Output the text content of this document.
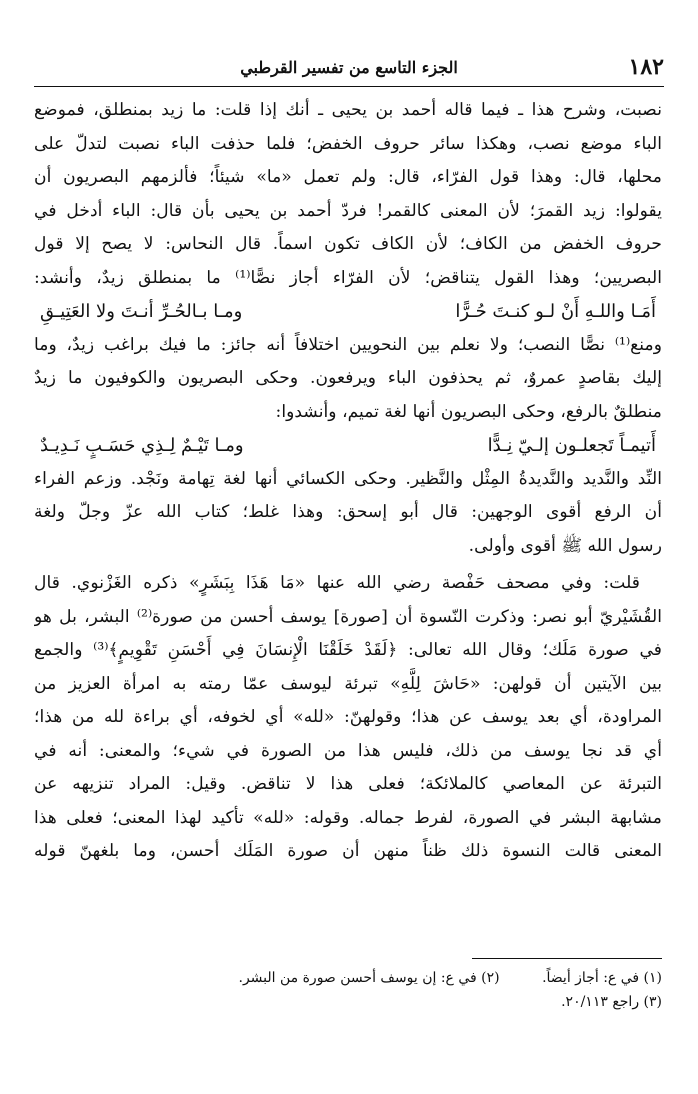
١٨٢
الجزء التاسع من تفسير القرطبي
نصبت، وشرح هذا ـ فيما قاله أحمد بن يحيى ـ أنك إذا قلت: ما زيد بمنطلق، فموضع
الباء موضع نصب، وهكذا سائر حروف الخفض؛ فلما حذفت الباء نصبت لتدلّ على
محلها، قال: وهذا قول الفرّاء، قال: ولم تعمل «ما» شيئاً؛ فألزمهم البصريون أن
يقولوا: زيد القمرَ؛ لأن المعنى كالقمر! فردّ أحمد بن يحيى بأن قال: الباء أدخل في
حروف الخفض من الكاف؛ لأن الكاف تكون اسماً. قال النحاس: لا يصح إلا قول
البصريين؛ وهذا القول يتناقض؛ لأن الفرّاء أجاز نصًّا⁽¹⁾ ما بمنطلق زيدٌ، وأنشد:
أَمَـا واللـهِ أَنْ لـو كنـتَ حُـرًّا
ومـا بـالحُـرِّ أنـتَ ولا العَتِيـقِ
ومنع⁽¹⁾ نصًّا النصب؛ ولا نعلم بين النحويين اختلافاً أنه جائز: ما فيك براغب زيدٌ، وما
إليك بقاصدٍ عمروٌ، ثم يحذفون الباء ويرفعون. وحكى البصريون والكوفيون ما زيدٌ
منطلقٌ بالرفع، وحكى البصريون أنها لغة تميم، وأنشدوا:
أَتيمـاً تَجعلـون إلـيّ نِـدًّا
ومـا تَيْـمٌ لِـذِي حَسَـبٍ نَـدِيـدٌ
النِّد والنَّديد والنَّديدةُ المِثْل والنَّظير. وحكى الكسائي أنها لغة تِهامة ونَجْد. وزعم الفراء
أن الرفع أقوى الوجهين: قال أبو إسحق: وهذا غلط؛ كتاب الله عزّ وجلّ ولغة
رسول الله ﷺ أقوى وأولى.
قلت: وفي مصحف حَفْصة رضي الله عنها «مَا هَذَا بِبَشَرٍ» ذكره الغَزْنوي. قال
القُشَيْريّ أبو نصر: وذكرت النّسوة أن [صورة] يوسف أحسن من صورة⁽²⁾ البشر، بل هو
في صورة مَلَك؛ وقال الله تعالى: ﴿لَقَدْ خَلَقْنَا الْإِنسَانَ فِي أَحْسَنِ تَقْوِيمٍ﴾⁽³⁾ والجمع
بين الآيتين أن قولهن: «حَاشَ لِلَّهِ» تبرئة ليوسف عمّا رمته به امرأة العزيز من
المراودة، أي بعد يوسف عن هذا؛ وقولهنّ: «لله» أي لخوفه، أي براءة لله من هذا؛
أي قد نجا يوسف من ذلك، فليس هذا من الصورة في شيء؛ والمعنى: أنه في
التبرئة عن المعاصي كالملائكة؛ فعلى هذا لا تناقض. وقيل: المراد تنزيهه عن
مشابهة البشر في الصورة، لفرط جماله. وقوله: «لله» تأكيد لهذا المعنى؛ فعلى هذا
المعنى قالت النسوة ذلك ظناً منهن أن صورة المَلَك أحسن، وما بلغهنّ قوله
(١) في ع: أجاز أيضاً. (٢) في ع: إن يوسف أحسن صورة من البشر.
(٣) راجع ٢٠/١١٣.
